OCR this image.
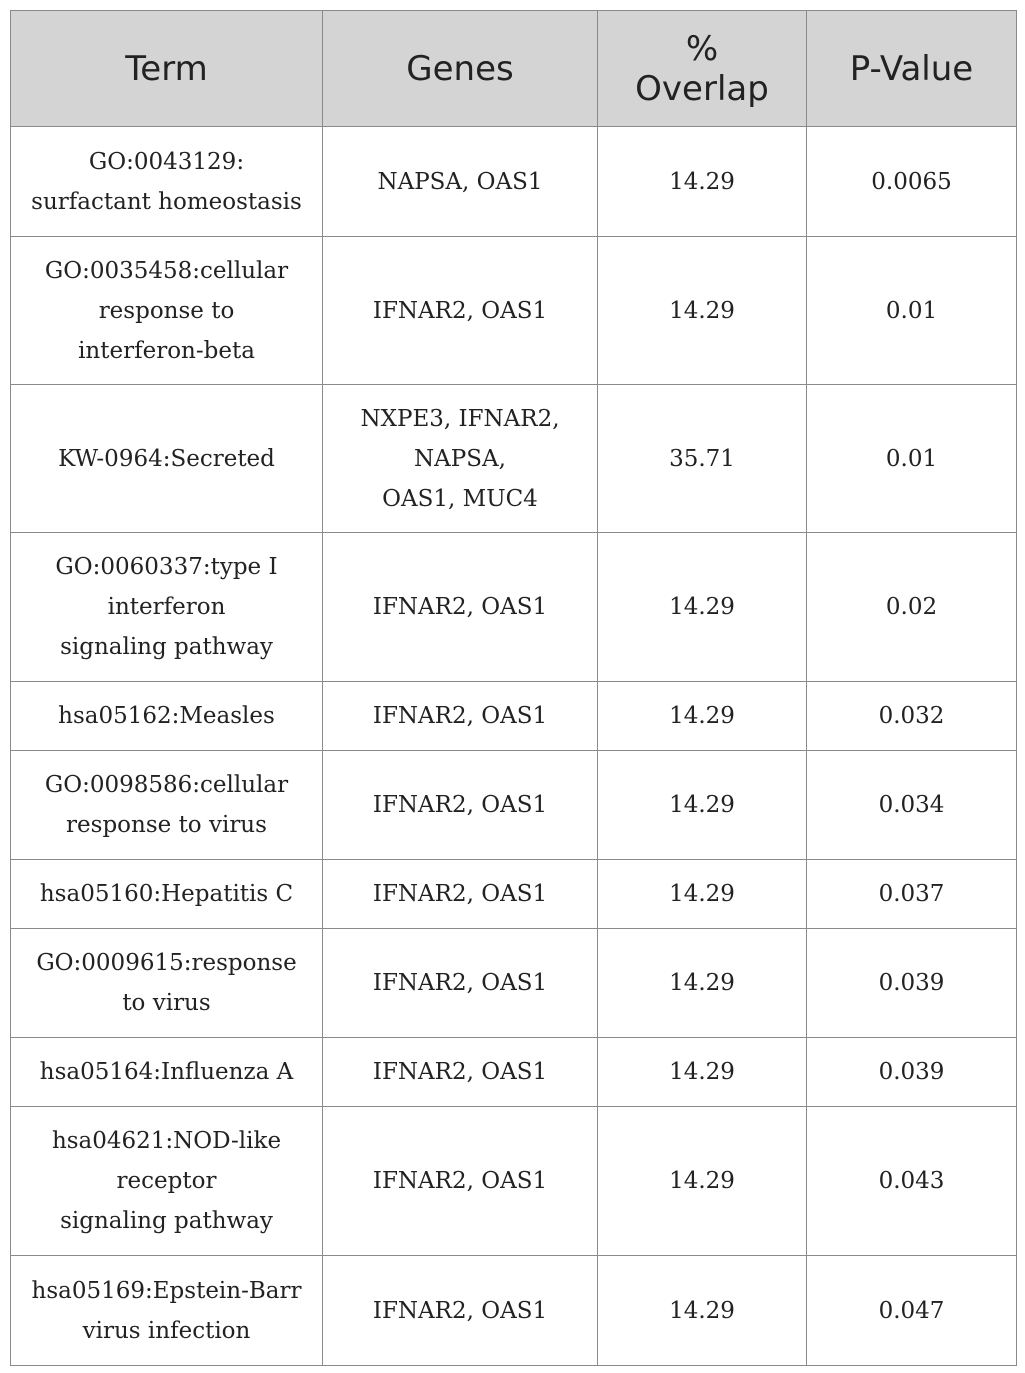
Term	Genes	%
Overlap	P-Value
GO:0043129:
surfactant homeostasis	NAPSA, OAS1	14.29	0.0065
GO:0035458:cellular
response to
interferon-beta	IFNAR2, OAS1	14.29	0.01
KW-0964:Secreted	NXPE3, IFNAR2,
NAPSA,
OAS1, MUC4	35.71	0.01
GO:0060337:type I
interferon
signaling pathway	IFNAR2, OAS1	14.29	0.02
hsa05162:Measles	IFNAR2, OAS1	14.29	0.032
GO:0098586:cellular
response to virus	IFNAR2, OAS1	14.29	0.034
hsa05160:Hepatitis C	IFNAR2, OAS1	14.29	0.037
GO:0009615:response
to virus	IFNAR2, OAS1	14.29	0.039
hsa05164:Influenza A	IFNAR2, OAS1	14.29	0.039
hsa04621:NOD-like
receptor
signaling pathway	IFNAR2, OAS1	14.29	0.043
hsa05169:Epstein-Barr
virus infection	IFNAR2, OAS1	14.29	0.047
